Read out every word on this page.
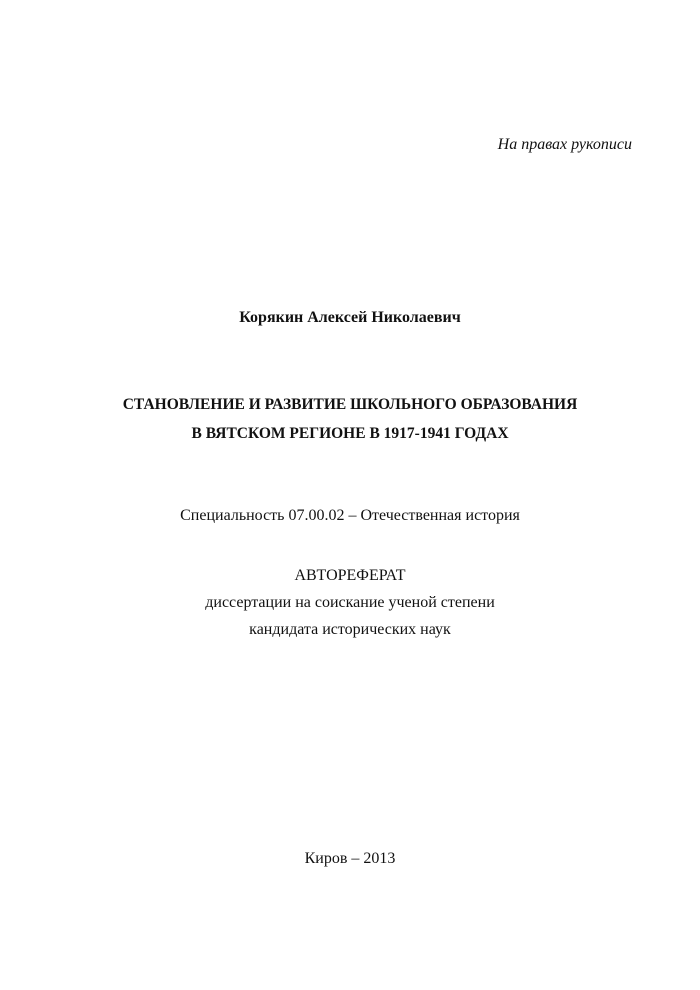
На правах рукописи
Корякин Алексей Николаевич
СТАНОВЛЕНИЕ И РАЗВИТИЕ ШКОЛЬНОГО ОБРАЗОВАНИЯ
В ВЯТСКОМ РЕГИОНЕ В 1917-1941 ГОДАХ
Специальность 07.00.02 – Отечественная история
АВТОРЕФЕРАТ
диссертации на соискание ученой степени
кандидата исторических наук
Киров – 2013
